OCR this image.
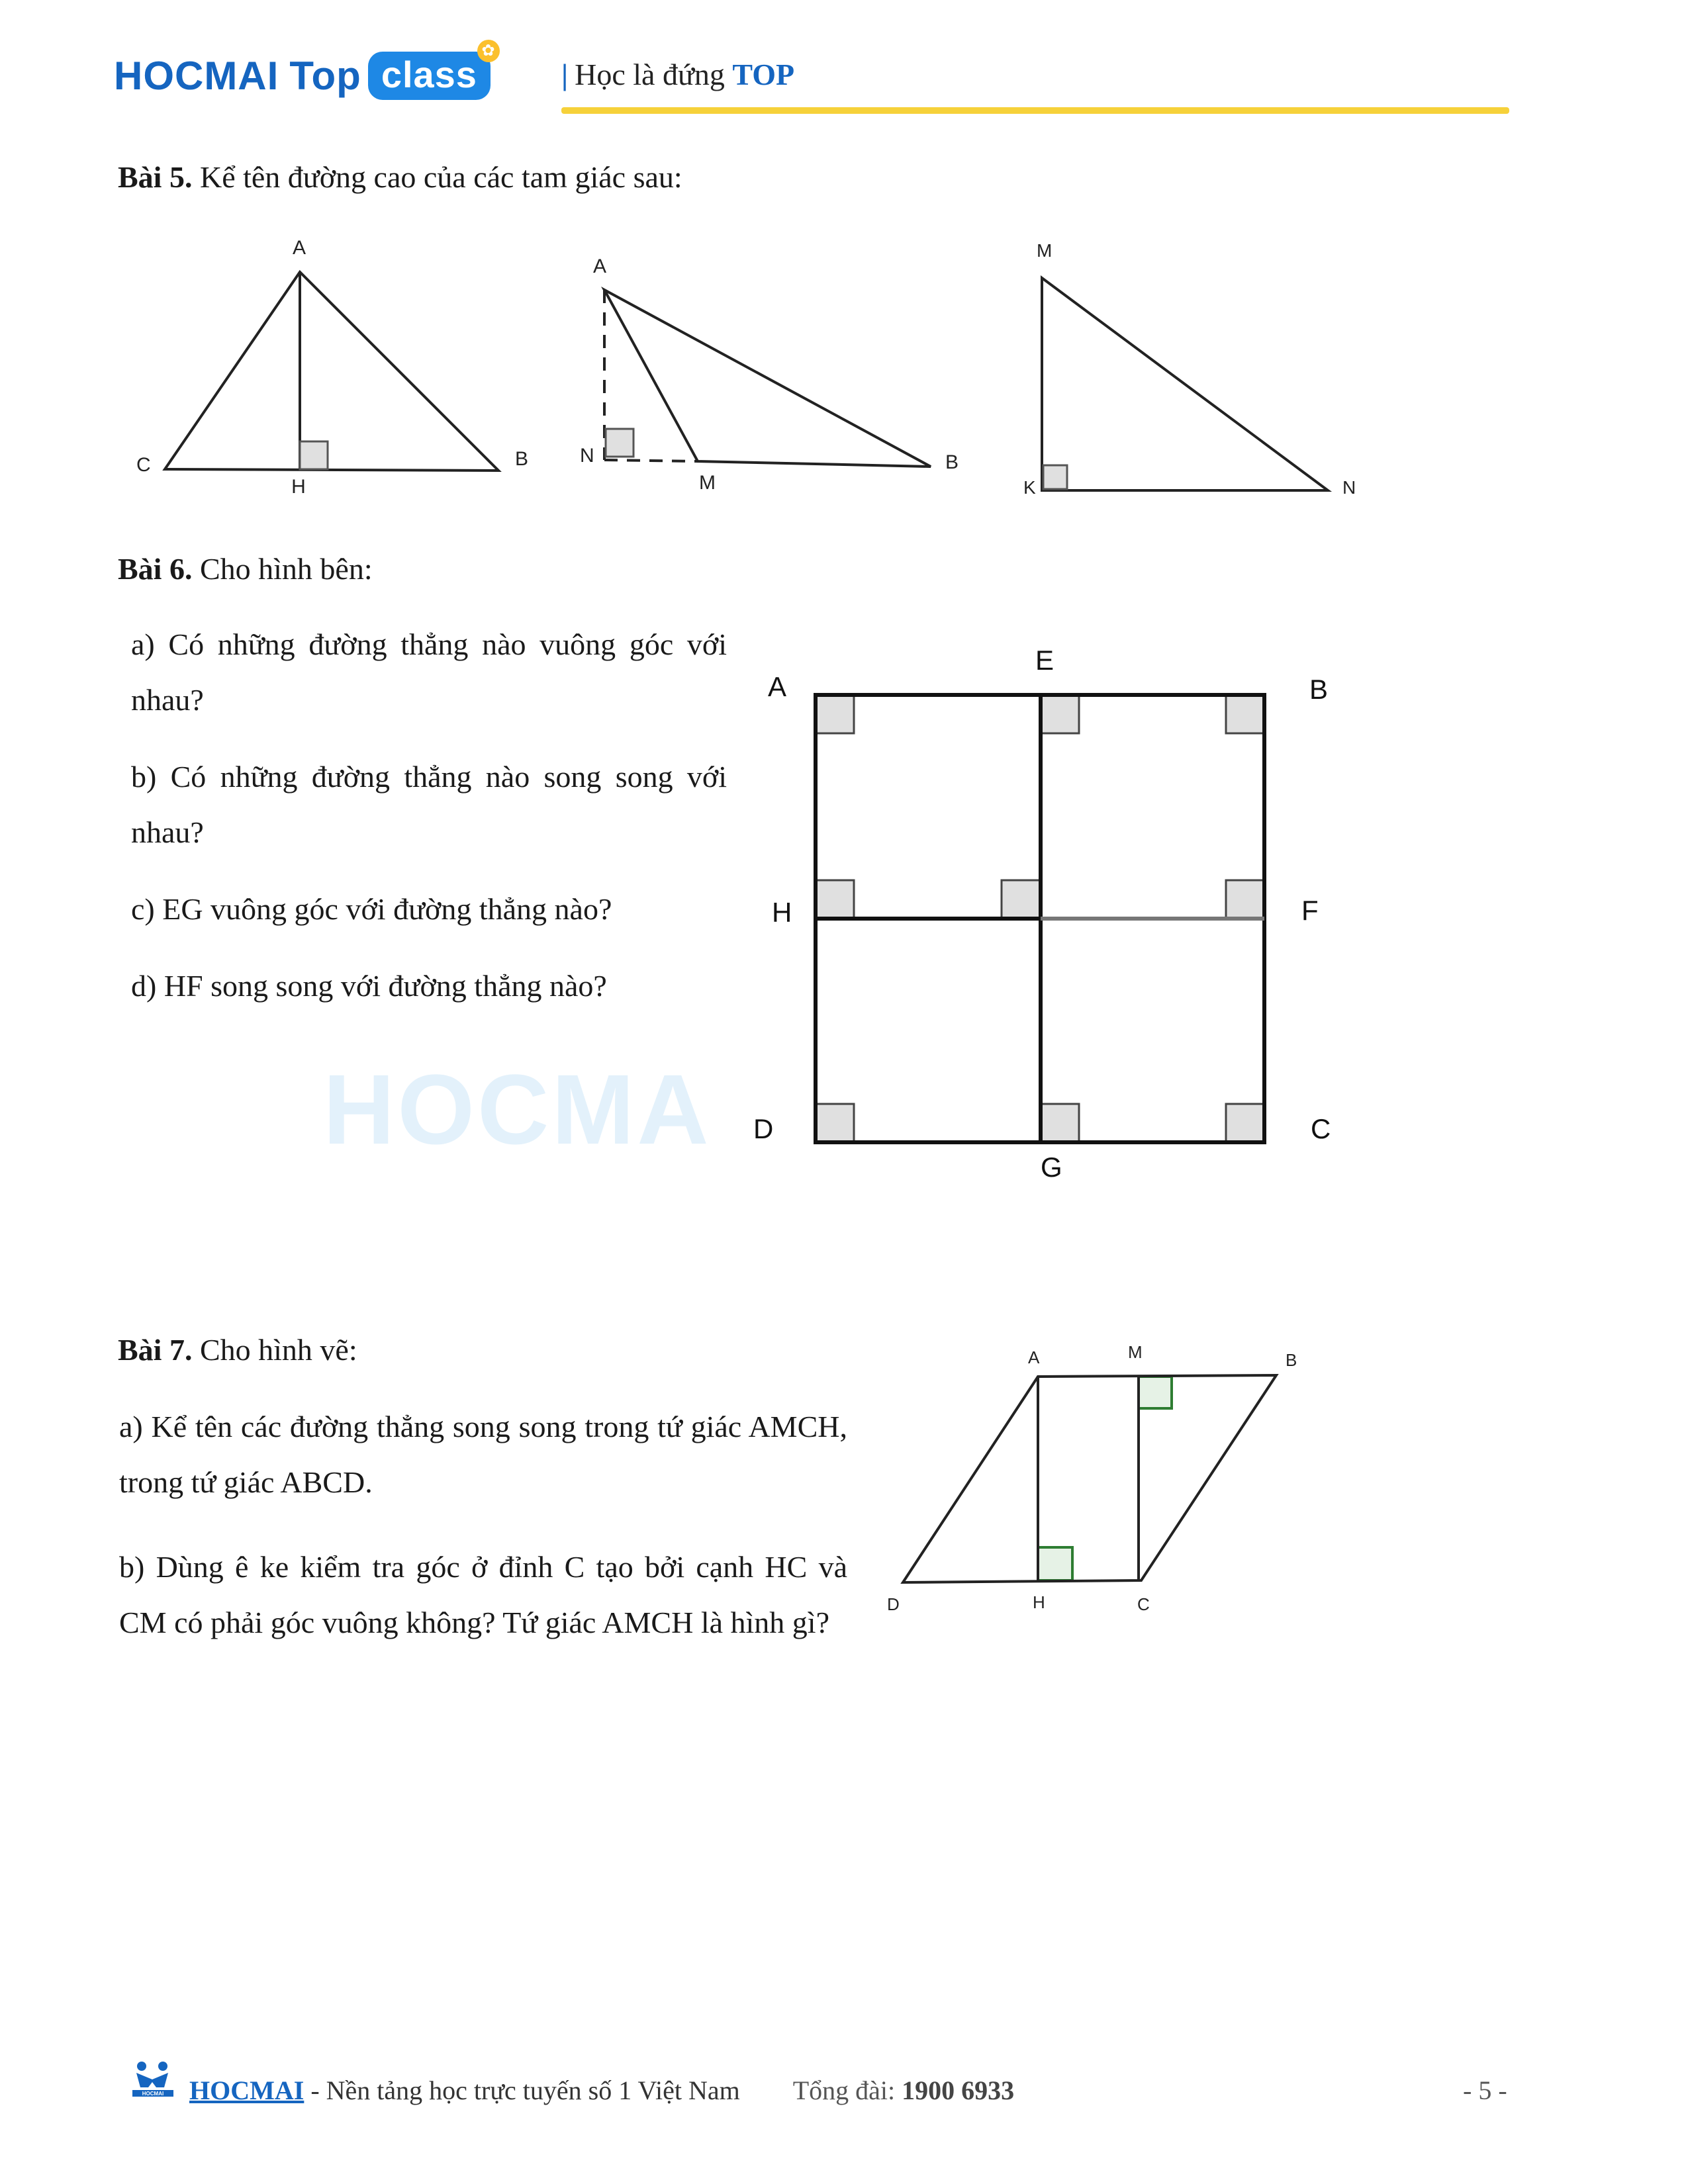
HOCMAI Top class
✿
| Học là đứng TOP
Bài 5. Kể tên đường cao của các tam giác sau:
A
C	B
H
A
N
M
B
M
K	N
A
E
B
H	F
D
G
C
A	M	B
D	H	C
Bài 6. Cho hình bên:
a) Có những đường thẳng nào vuông góc với nhau?
b) Có những đường thẳng nào song song với nhau?
c) EG vuông góc với đường thẳng nào?
d) HF song song với đường thẳng nào?
HOCMA
Bài 7. Cho hình vẽ:
a) Kể tên các đường thẳng song song trong tứ giác AMCH, trong tứ giác ABCD.
b) Dùng ê ke kiểm tra góc ở đỉnh C tạo bởi cạnh HC và CM có phải góc vuông không? Tứ giác AMCH là hình gì?
HOCMAI HOCMAI - Nền tảng học trực tuyến số 1 Việt Nam Tổng đài: 1900 6933	- 5 -
